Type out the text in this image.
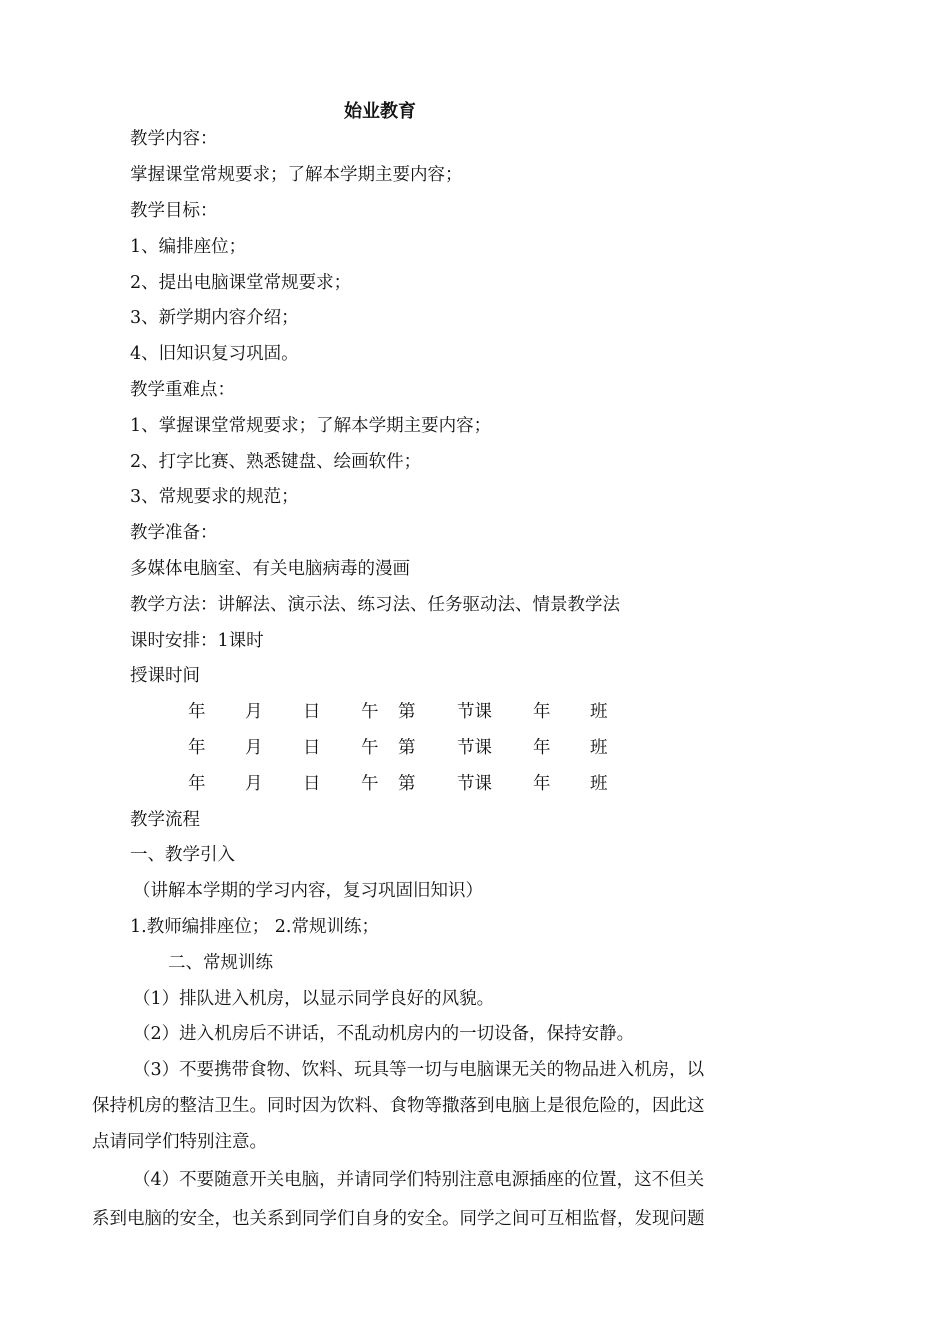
始业教育
教学内容：
掌握课堂常规要求；了解本学期主要内容；
教学目标：
1、编排座位；
2、提出电脑课堂常规要求；
3、新学期内容介绍；
4、旧知识复习巩固。
教学重难点：
1、掌握课堂常规要求；了解本学期主要内容；
2、打字比赛、熟悉键盘、绘画软件；
3、常规要求的规范；
教学准备：
多媒体电脑室、有关电脑病毒的漫画
教学方法：讲解法、演示法、练习法、任务驱动法、情景教学法
课时安排：1课时
授课时间
年 月 日 午 第 节课 年 班
年 月 日 午 第 节课 年 班
年 月 日 午 第 节课 年 班
教学流程
一、教学引入
（讲解本学期的学习内容，复习巩固旧知识）
1.教师编排座位； 2.常规训练；
二、常规训练
（1）排队进入机房，以显示同学良好的风貌。
（2）进入机房后不讲话，不乱动机房内的一切设备，保持安静。
（3）不要携带食物、饮料、玩具等一切与电脑课无关的物品进入机房，以
保持机房的整洁卫生。同时因为饮料、食物等撒落到电脑上是很危险的，因此这
点请同学们特别注意。
（4）不要随意开关电脑，并请同学们特别注意电源插座的位置，这不但关
系到电脑的安全，也关系到同学们自身的安全。同学之间可互相监督，发现问题
